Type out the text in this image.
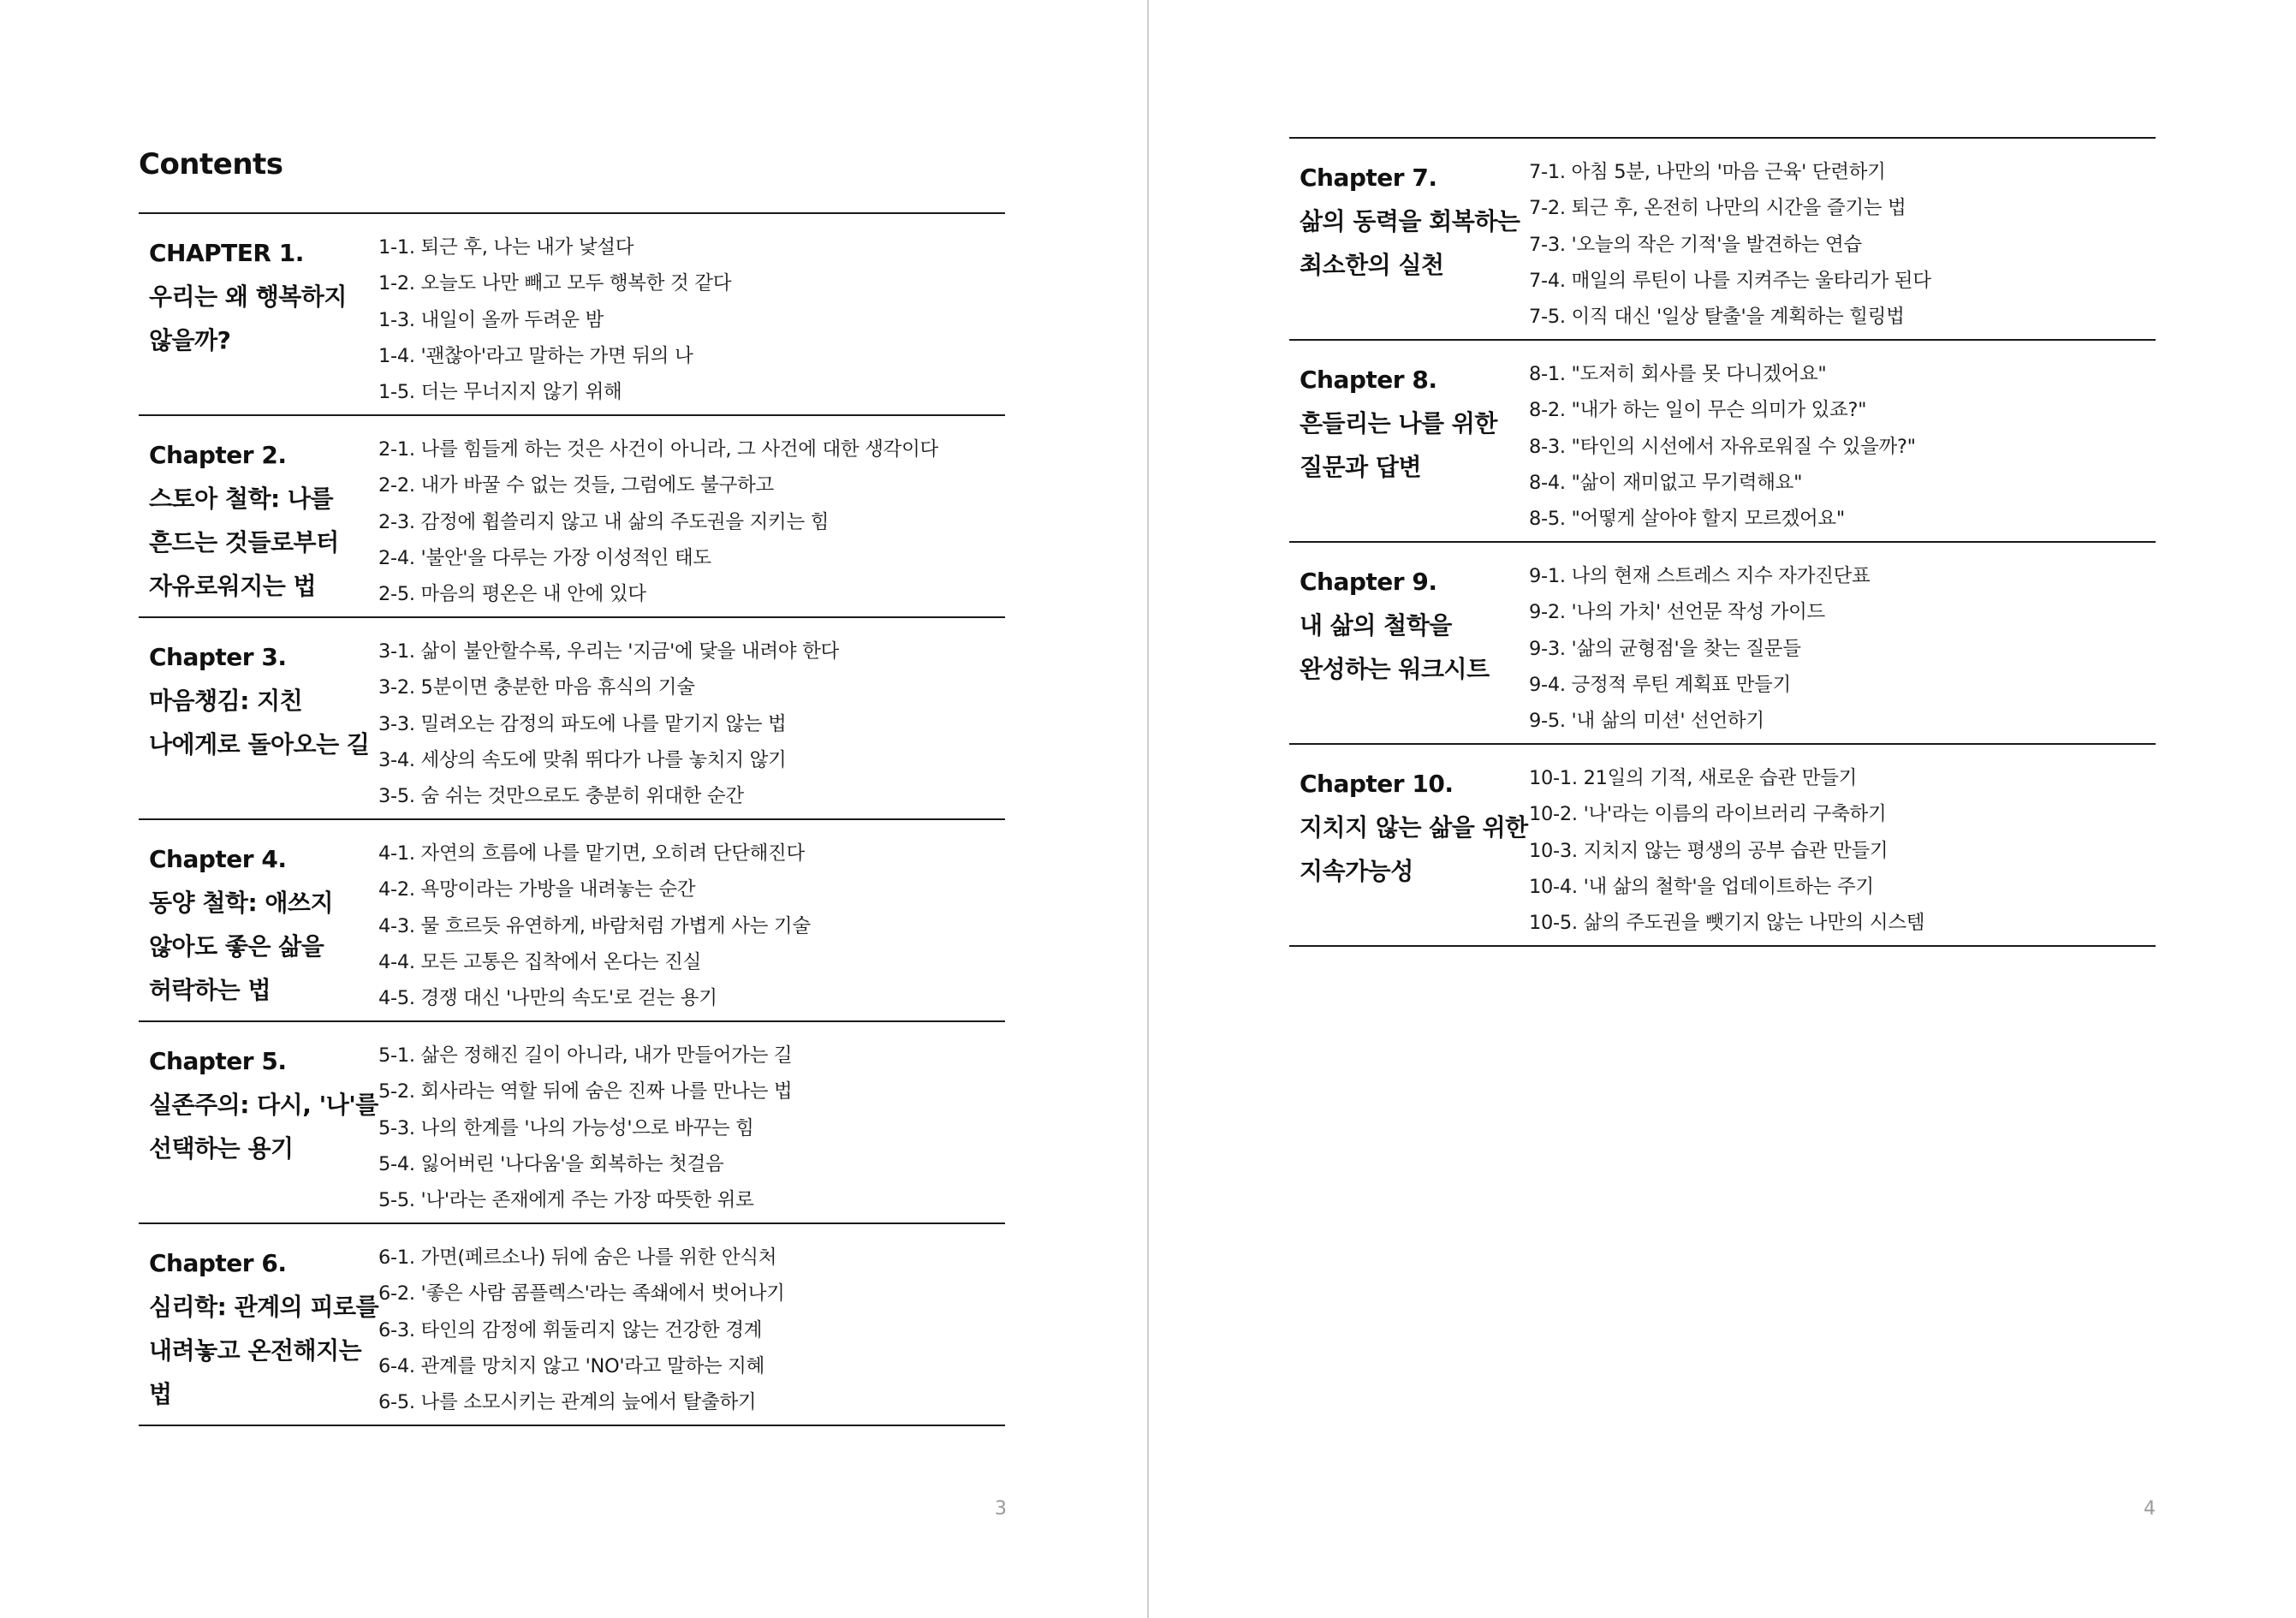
Contents
CHAPTER 1.
우리는 왜 행복하지
않을까?
1-1. 퇴근 후, 나는 내가 낯설다
1-2. 오늘도 나만 빼고 모두 행복한 것 같다
1-3. 내일이 올까 두려운 밤
1-4. '괜찮아'라고 말하는 가면 뒤의 나
1-5. 더는 무너지지 않기 위해
Chapter 2.
스토아 철학: 나를
흔드는 것들로부터
자유로워지는 법
2-1. 나를 힘들게 하는 것은 사건이 아니라, 그 사건에 대한 생각이다
2-2. 내가 바꿀 수 없는 것들, 그럼에도 불구하고
2-3. 감정에 휩쓸리지 않고 내 삶의 주도권을 지키는 힘
2-4. '불안'을 다루는 가장 이성적인 태도
2-5. 마음의 평온은 내 안에 있다
Chapter 3.
마음챙김: 지친
나에게로 돌아오는 길
3-1. 삶이 불안할수록, 우리는 '지금'에 닻을 내려야 한다
3-2. 5분이면 충분한 마음 휴식의 기술
3-3. 밀려오는 감정의 파도에 나를 맡기지 않는 법
3-4. 세상의 속도에 맞춰 뛰다가 나를 놓치지 않기
3-5. 숨 쉬는 것만으로도 충분히 위대한 순간
Chapter 4.
동양 철학: 애쓰지
않아도 좋은 삶을
허락하는 법
4-1. 자연의 흐름에 나를 맡기면, 오히려 단단해진다
4-2. 욕망이라는 가방을 내려놓는 순간
4-3. 물 흐르듯 유연하게, 바람처럼 가볍게 사는 기술
4-4. 모든 고통은 집착에서 온다는 진실
4-5. 경쟁 대신 '나만의 속도'로 걷는 용기
Chapter 5.
실존주의: 다시, '나'를
선택하는 용기
5-1. 삶은 정해진 길이 아니라, 내가 만들어가는 길
5-2. 회사라는 역할 뒤에 숨은 진짜 나를 만나는 법
5-3. 나의 한계를 '나의 가능성'으로 바꾸는 힘
5-4. 잃어버린 '나다움'을 회복하는 첫걸음
5-5. '나'라는 존재에게 주는 가장 따뜻한 위로
Chapter 6.
심리학: 관계의 피로를
내려놓고 온전해지는
법
6-1. 가면(페르소나) 뒤에 숨은 나를 위한 안식처
6-2. '좋은 사람 콤플렉스'라는 족쇄에서 벗어나기
6-3. 타인의 감정에 휘둘리지 않는 건강한 경계
6-4. 관계를 망치지 않고 'NO'라고 말하는 지혜
6-5. 나를 소모시키는 관계의 늪에서 탈출하기
3
Chapter 7.
삶의 동력을 회복하는
최소한의 실천
7-1. 아침 5분, 나만의 '마음 근육' 단련하기
7-2. 퇴근 후, 온전히 나만의 시간을 즐기는 법
7-3. '오늘의 작은 기적'을 발견하는 연습
7-4. 매일의 루틴이 나를 지켜주는 울타리가 된다
7-5. 이직 대신 '일상 탈출'을 계획하는 힐링법
Chapter 8.
흔들리는 나를 위한
질문과 답변
8-1. "도저히 회사를 못 다니겠어요"
8-2. "내가 하는 일이 무슨 의미가 있죠?"
8-3. "타인의 시선에서 자유로워질 수 있을까?"
8-4. "삶이 재미없고 무기력해요"
8-5. "어떻게 살아야 할지 모르겠어요"
Chapter 9.
내 삶의 철학을
완성하는 워크시트
9-1. 나의 현재 스트레스 지수 자가진단표
9-2. '나의 가치' 선언문 작성 가이드
9-3. '삶의 균형점'을 찾는 질문들
9-4. 긍정적 루틴 계획표 만들기
9-5. '내 삶의 미션' 선언하기
Chapter 10.
지치지 않는 삶을 위한
지속가능성
10-1. 21일의 기적, 새로운 습관 만들기
10-2. '나'라는 이름의 라이브러리 구축하기
10-3. 지치지 않는 평생의 공부 습관 만들기
10-4. '내 삶의 철학'을 업데이트하는 주기
10-5. 삶의 주도권을 뺏기지 않는 나만의 시스템
4
